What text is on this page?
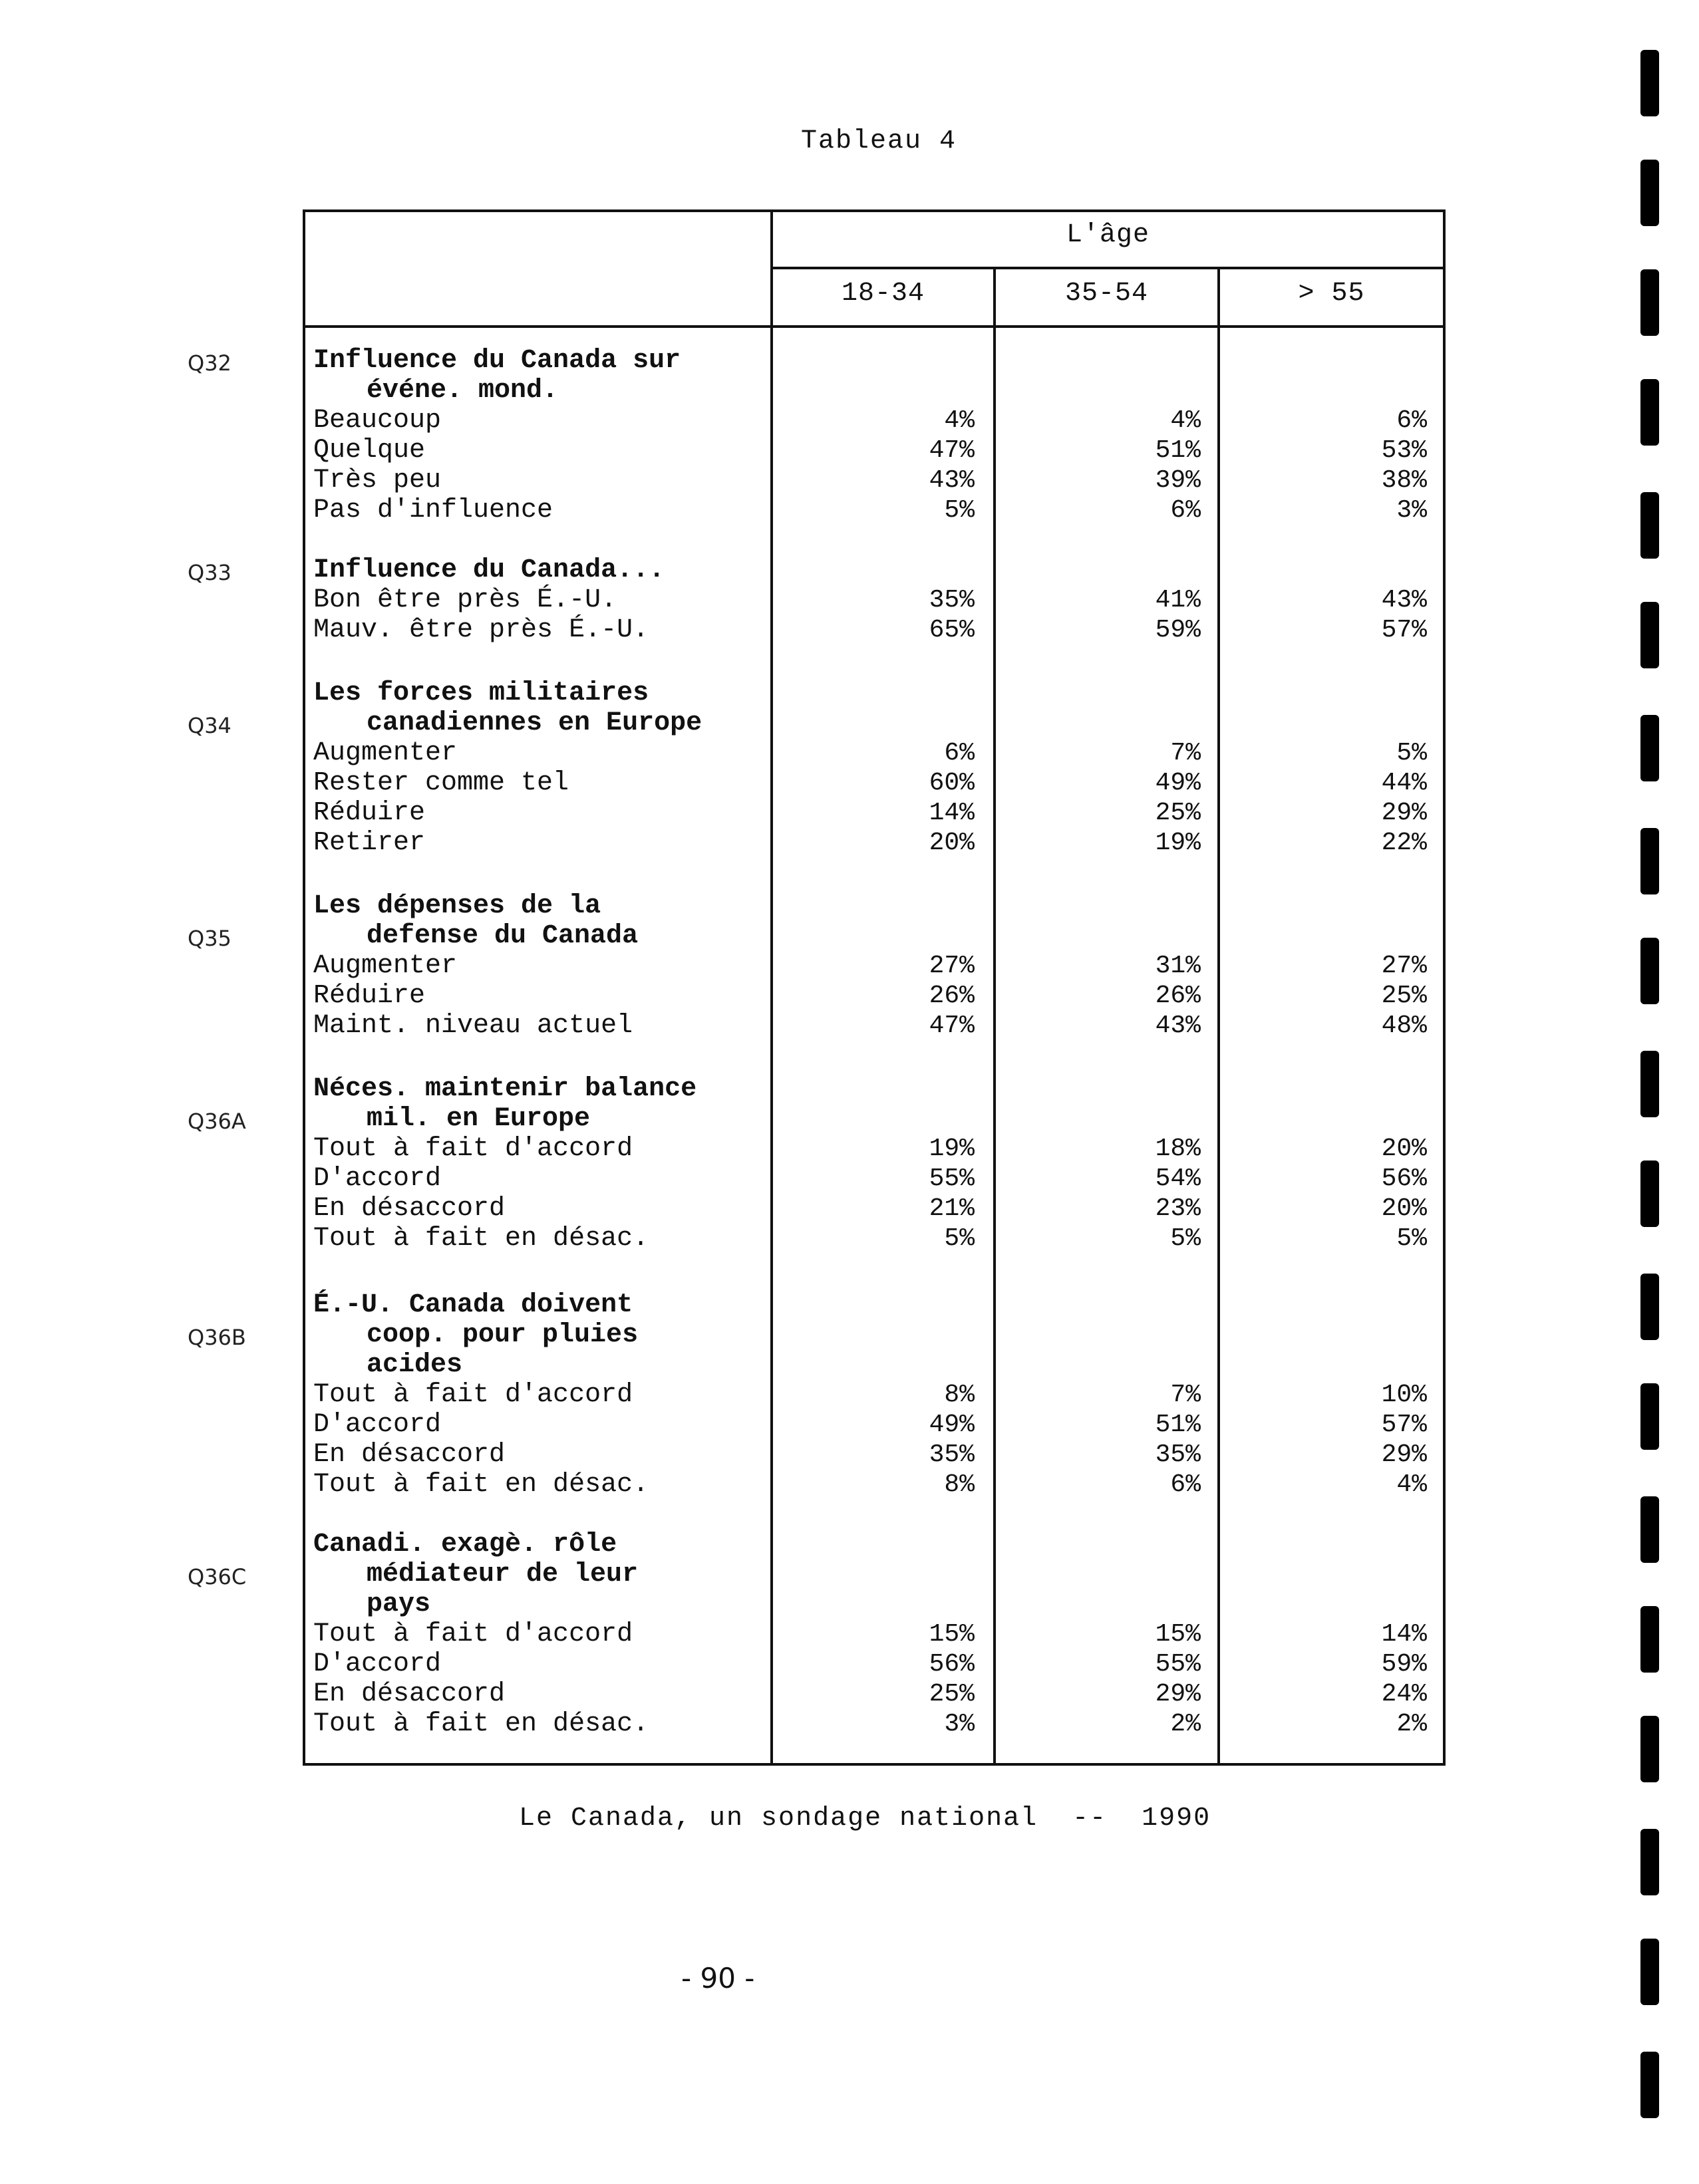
Tableau 4
Q32
Q33
Q34
Q35
Q36A
Q36B
Q36C
L'âge
18-34	35-54	> 55
Influence du Canada sur
événe. mond.
Beaucoup
Quelque
Très peu
Pas d'influence
4%
47%
43%
5%
4%
51%
39%
6%
6%
53%
38%
3%
Influence du Canada...
Bon être près É.-U.
Mauv. être près É.-U.
35%
65%
41%
59%
43%
57%
Les forces militaires
canadiennes en Europe
Augmenter
Rester comme tel
Réduire
Retirer
6%
60%
14%
20%
7%
49%
25%
19%
5%
44%
29%
22%
Les dépenses de la
defense du Canada
Augmenter
Réduire
Maint. niveau actuel
27%
26%
47%
31%
26%
43%
27%
25%
48%
Néces. maintenir balance
mil. en Europe
Tout à fait d'accord
D'accord
En désaccord
Tout à fait en désac.
19%
55%
21%
5%
18%
54%
23%
5%
20%
56%
20%
5%
É.-U. Canada doivent
coop. pour pluies
acides
Tout à fait d'accord
D'accord
En désaccord
Tout à fait en désac.
8%
49%
35%
8%
7%
51%
35%
6%
10%
57%
29%
4%
Canadi. exagè. rôle
médiateur de leur
pays
Tout à fait d'accord
D'accord
En désaccord
Tout à fait en désac.
15%
56%
25%
3%
15%
55%
29%
2%
14%
59%
24%
2%
Le Canada, un sondage national  --  1990
- 90 -
